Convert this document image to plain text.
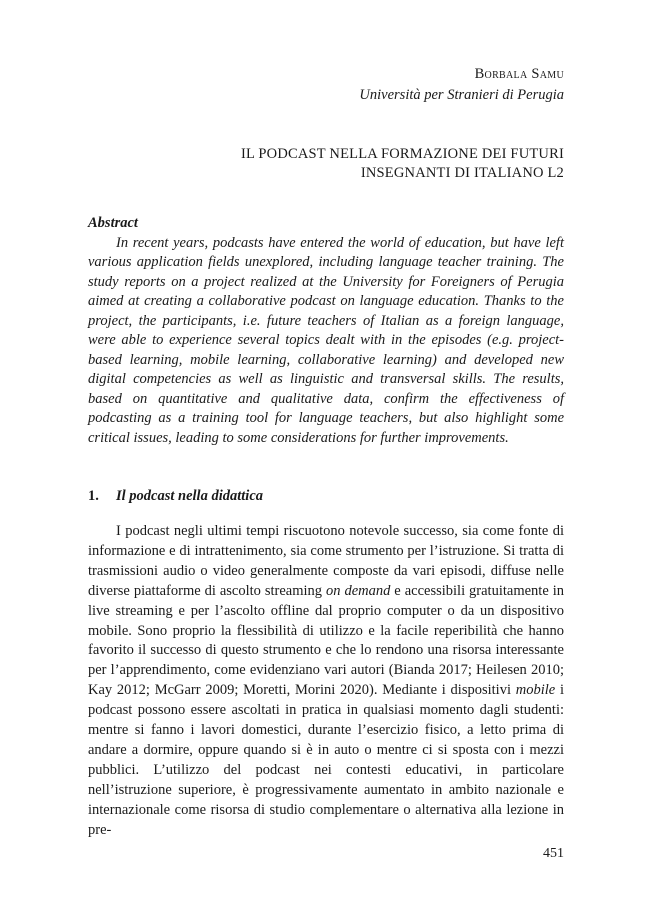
Borbala Samu
Università per Stranieri di Perugia
IL PODCAST NELLA FORMAZIONE DEI FUTURI
INSEGNANTI DI ITALIANO L2
Abstract

In recent years, podcasts have entered the world of education, but have left various application fields unexplored, including language teacher training. The study reports on a project realized at the University for Foreigners of Perugia aimed at creating a collaborative podcast on language education. Thanks to the project, the participants, i.e. future teachers of Italian as a foreign language, were able to experience several topics dealt with in the episodes (e.g. project-based learning, mobile learning, collaborative learning) and developed new digital competencies as well as linguistic and transversal skills. The results, based on quantitative and qualitative data, confirm the effectiveness of podcasting as a training tool for language teachers, but also highlight some critical issues, leading to some considerations for further improvements.

1. Il podcast nella didattica

I podcast negli ultimi tempi riscuotono notevole successo, sia come fonte di informazione e di intrattenimento, sia come strumento per l’istruzione. Si tratta di trasmissioni audio o video generalmente composte da vari episodi, diffuse nelle diverse piattaforme di ascolto streaming on demand e accessibili gratuitamente in live streaming e per l’ascolto offline dal proprio computer o da un dispositivo mobile. Sono proprio la flessibilità di utilizzo e la facile reperibilità che hanno favorito il successo di questo strumento e che lo rendono una risorsa interessante per l’apprendimento, come evidenziano vari autori (Bianda 2017; Heilesen 2010; Kay 2012; McGarr 2009; Moretti, Morini 2020). Mediante i dispositivi mobile i podcast possono essere ascoltati in pratica in qualsiasi momento dagli studenti: mentre si fanno i lavori domestici, durante l’esercizio fisico, a letto prima di andare a dormire, oppure quando si è in auto o mentre ci si sposta con i mezzi pubblici. L’utilizzo del podcast nei contesti educativi, in particolare nell’istruzione superiore, è progressivamente aumentato in ambito nazionale e internazionale come risorsa di studio complementare o alternativa alla lezione in pre-

451
